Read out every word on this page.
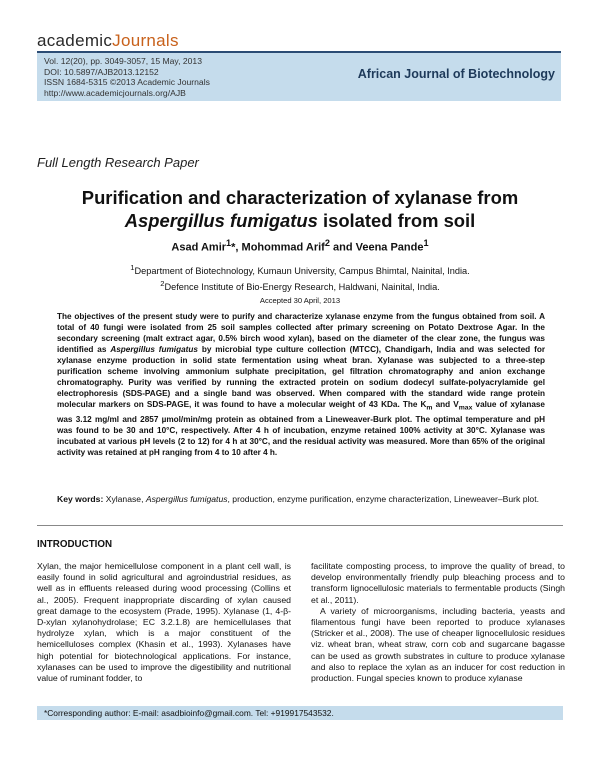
academicJournals
Vol. 12(20), pp. 3049-3057, 15 May, 2013
DOI: 10.5897/AJB2013.12152
ISSN 1684-5315 ©2013 Academic Journals
http://www.academicjournals.org/AJB
African Journal of Biotechnology
Full Length Research Paper
Purification and characterization of xylanase from
Aspergillus fumigatus isolated from soil
Asad Amir$^1$*, Mohommad Arif$^2$ and Veena Pande$^1$
$^1$Department of Biotechnology, Kumaun University, Campus Bhimtal, Nainital, India.
$^2$Defence Institute of Bio-Energy Research, Haldwani, Nainital, India.
Accepted 30 April, 2013
The objectives of the present study were to purify and characterize xylanase enzyme from the fungus obtained from soil. A total of 40 fungi were isolated from 25 soil samples collected after primary screening on Potato Dextrose Agar. In the secondary screening (malt extract agar, 0.5% birch wood xylan), based on the diameter of the clear zone, the fungus was identified as Aspergillus fumigatus by microbial type culture collection (MTCC), Chandigarh, India and was selected for xylanase enzyme production in solid state fermentation using wheat bran. Xylanase was subjected to a three-step purification scheme involving ammonium sulphate precipitation, gel filtration chromatography and anion exchange chromatography. Purity was verified by running the extracted protein on sodium dodecyl sulfate-polyacrylamide gel electrophoresis (SDS-PAGE) and a single band was observed. When compared with the standard wide range protein molecular markers on SDS-PAGE, it was found to have a molecular weight of 43 KDa. The $K_m$ and $V_{max}$ value of xylanase was 3.12 mg/ml and 2857 µmol/min/mg protein as obtained from a Lineweaver-Burk plot. The optimal temperature and pH was found to be 30 and 10°C, respectively. After 4 h of incubation, enzyme retained 100% activity at 30°C. Xylanase was incubated at various pH levels (2 to 12) for 4 h at 30°C, and the residual activity was measured. More than 65% of the original activity was retained at pH ranging from 4 to 10 after 4 h.
Key words: Xylanase, Aspergillus fumigatus, production, enzyme purification, enzyme characterization, Lineweaver–Burk plot.
INTRODUCTION

Xylan, the major hemicellulose component in a plant cell wall, is easily found in solid agricultural and agroindustrial residues, as well as in effluents released during wood processing (Collins et al., 2005). Frequent inappropriate discarding of xylan caused great damage to the ecosystem (Prade, 1995). Xylanase (1, 4-β-D-xylan xylanohydrolase; EC 3.2.1.8) are hemicellulases that hydrolyze xylan, which is a major constituent of the hemicelluloses complex (Khasin et al., 1993). Xylanases have high potential for biotechnological applications. For instance, xylanases can be used to improve the digestibility and nutritional value of ruminant fodder, to

facilitate composting process, to improve the quality of bread, to develop environmentally friendly pulp bleaching process and to transform lignocellulosic materials to fermentable products (Singh et al., 2011).

A variety of microorganisms, including bacteria, yeasts and filamentous fungi have been reported to produce xylanases (Stricker et al., 2008). The use of cheaper lignocellulosic residues viz. wheat bran, wheat straw, corn cob and sugarcane bagasse can be used as growth substrates in culture to produce xylanase and also to replace the xylan as an inducer for cost reduction in production. Fungal species known to produce xylanase

*Corresponding author: E-mail: asadbioinfo@gmail.com. Tel: +919917543532.
